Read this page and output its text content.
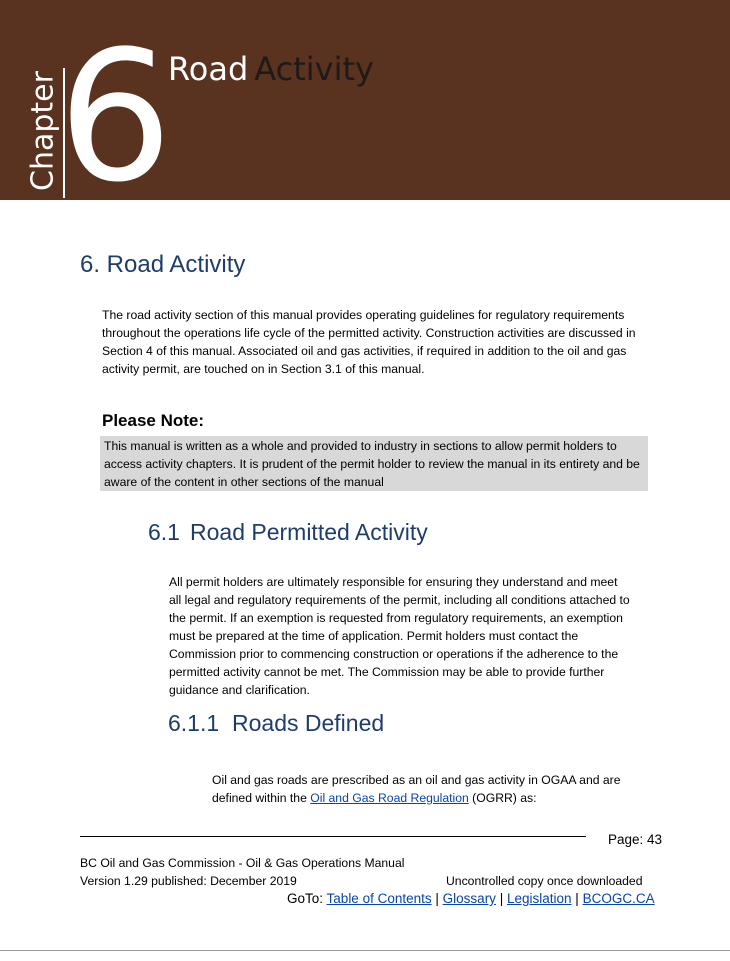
Chapter
6
Road Activity
6. Road Activity

The road activity section of this manual provides operating guidelines for regulatory requirements throughout the operations life cycle of the permitted activity. Construction activities are discussed in Section 4 of this manual. Associated oil and gas activities, if required in addition to the oil and gas activity permit, are touched on in Section 3.1 of this manual.

Please Note:

This manual is written as a whole and provided to industry in sections to allow permit holders to access activity chapters. It is prudent of the permit holder to review the manual in its entirety and be aware of the content in other sections of the manual

6.1 Road Permitted Activity

All permit holders are ultimately responsible for ensuring they understand and meet all legal and regulatory requirements of the permit, including all conditions attached to the permit. If an exemption is requested from regulatory requirements, an exemption must be prepared at the time of application. Permit holders must contact the Commission prior to commencing construction or operations if the adherence to the permitted activity cannot be met. The Commission may be able to provide further guidance and clarification.

6.1.1 Roads Defined

Oil and gas roads are prescribed as an oil and gas activity in OGAA and are defined within the Oil and Gas Road Regulation (OGRR) as:

Page: 43
BC Oil and Gas Commission - Oil & Gas Operations Manual
Version 1.29 published: December 2019	Uncontrolled copy once downloaded
GoTo: Table of Contents | Glossary | Legislation | BCOGC.CA
